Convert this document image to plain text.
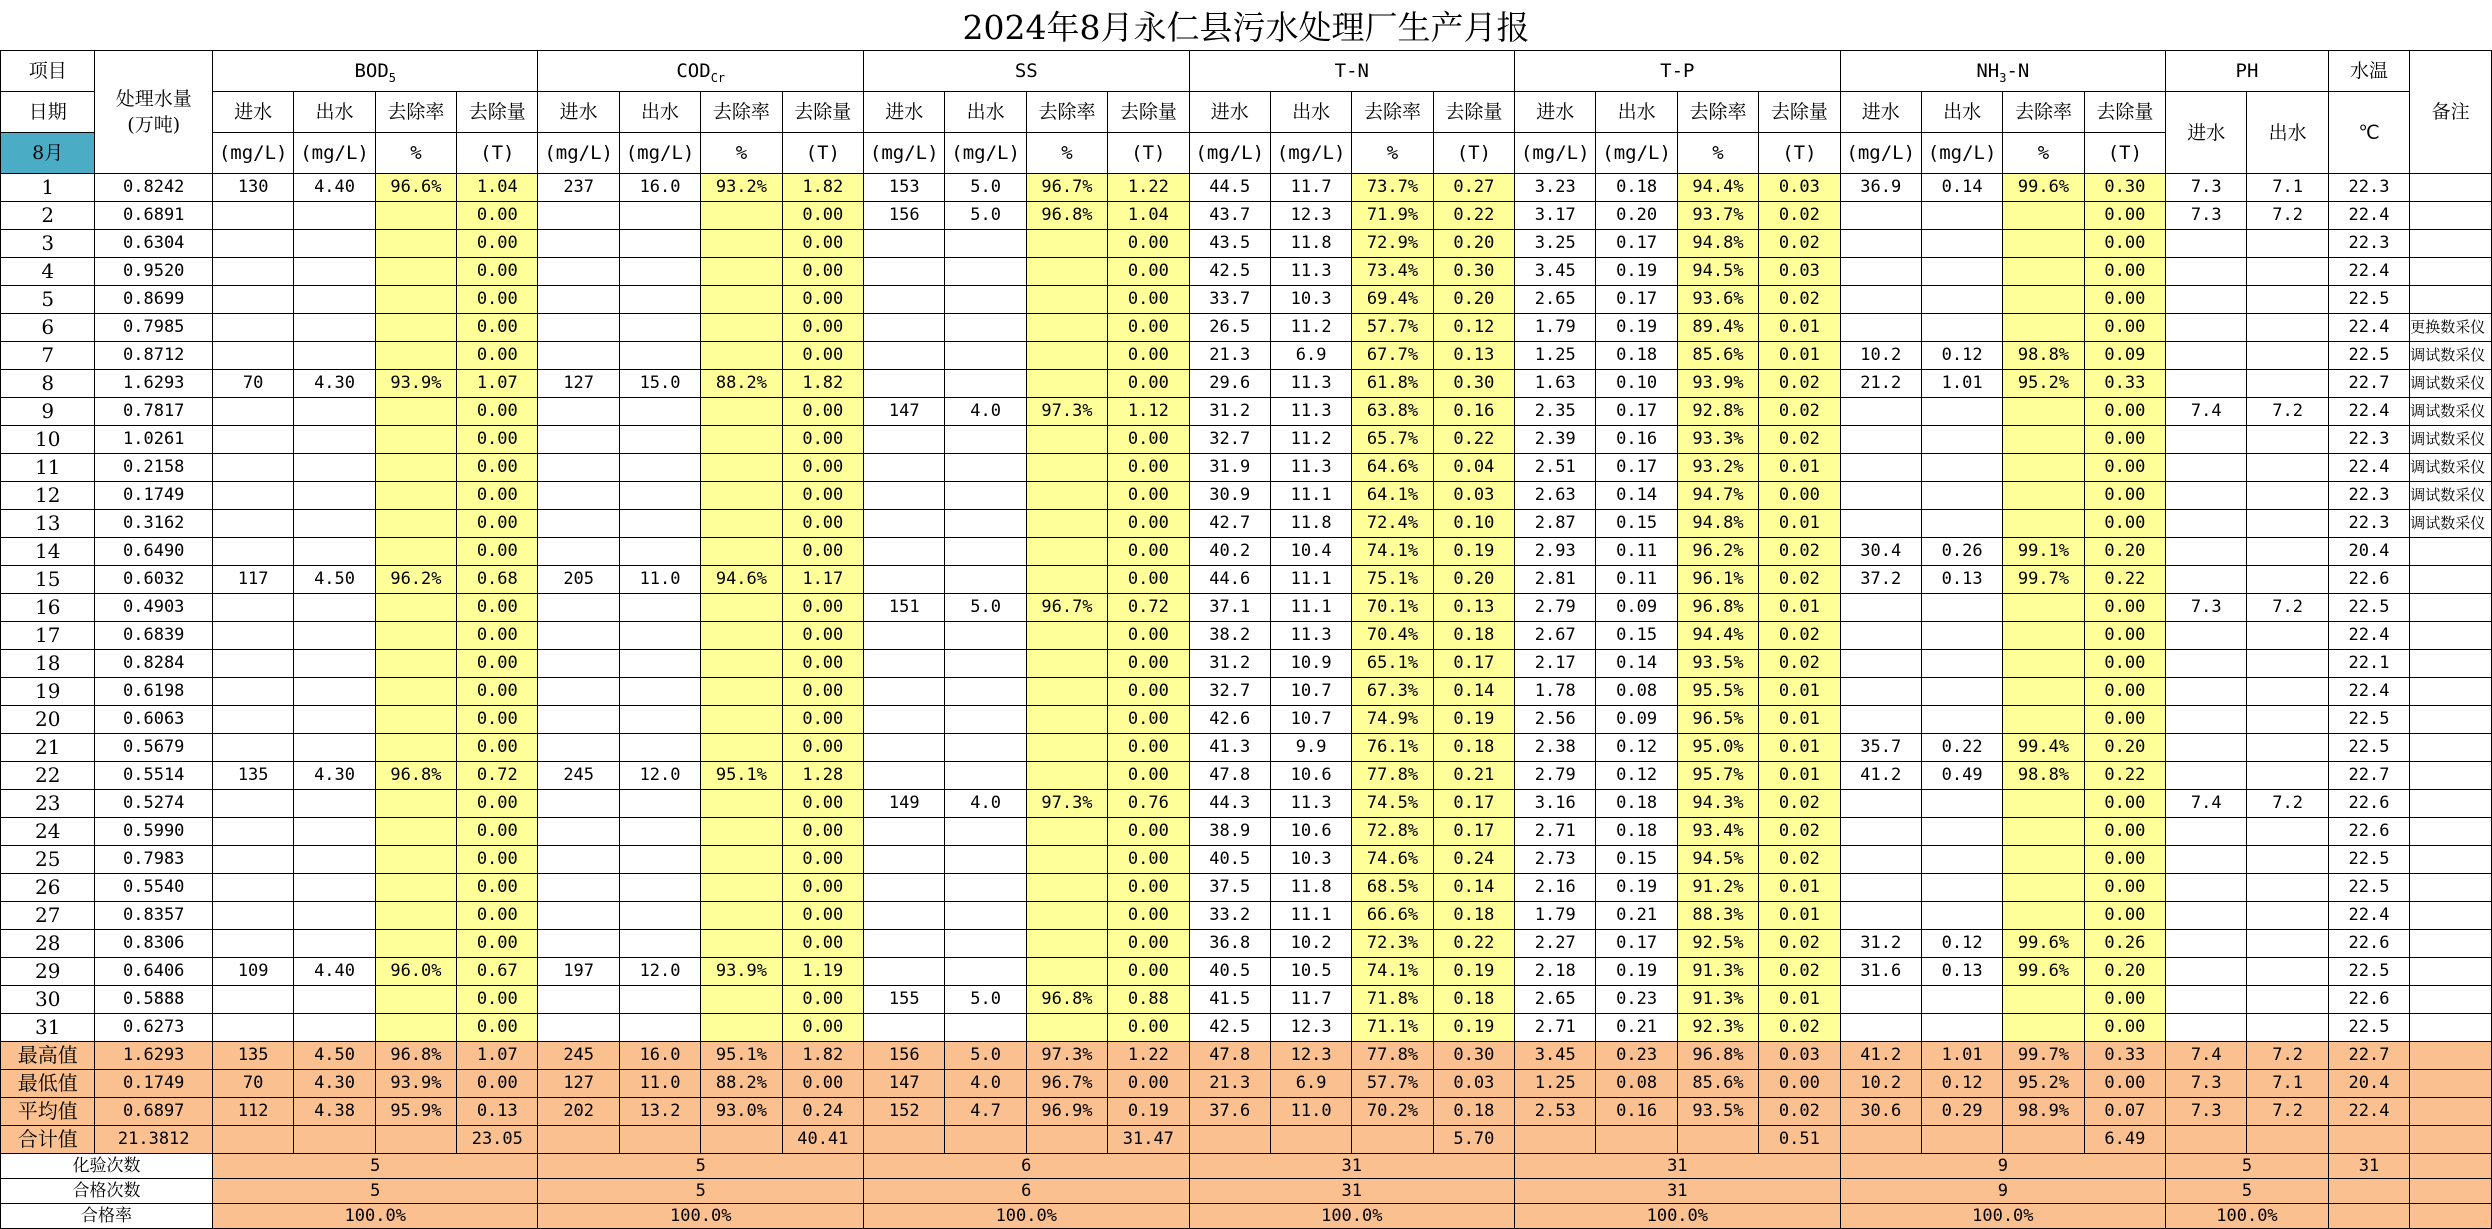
2024年8月永仁县污水处理厂生产月报
项目	处理水量
(万吨)	$BOD_5$				$COD_{Cr}$				SS				T-N				T-P				$NH_3-N$				PH		水温	备注
日期		进水	出水	去除率	去除量	进水	出水	去除率	去除量	进水	出水	去除率	去除量	进水	出水	去除率	去除量	进水	出水	去除率	去除量	进水	出水	去除率	去除量	进水	出水	℃	
8月		(mg/L)	(mg/L)	%	(T)	(mg/L)	(mg/L)	%	(T)	(mg/L)	(mg/L)	%	(T)	(mg/L)	(mg/L)	%	(T)	(mg/L)	(mg/L)	%	(T)	(mg/L)	(mg/L)	%	(T)				
1	0.8242	130	4.40	96.6%	1.04	237	16.0	93.2%	1.82	153	5.0	96.7%	1.22	44.5	11.7	73.7%	0.27	3.23	0.18	94.4%	0.03	36.9	0.14	99.6%	0.30	7.3	7.1	22.3	
2	0.6891				0.00				0.00	156	5.0	96.8%	1.04	43.7	12.3	71.9%	0.22	3.17	0.20	93.7%	0.02				0.00	7.3	7.2	22.4	
3	0.6304				0.00				0.00				0.00	43.5	11.8	72.9%	0.20	3.25	0.17	94.8%	0.02				0.00			22.3	
4	0.9520				0.00				0.00				0.00	42.5	11.3	73.4%	0.30	3.45	0.19	94.5%	0.03				0.00			22.4	
5	0.8699				0.00				0.00				0.00	33.7	10.3	69.4%	0.20	2.65	0.17	93.6%	0.02				0.00			22.5	
6	0.7985				0.00				0.00				0.00	26.5	11.2	57.7%	0.12	1.79	0.19	89.4%	0.01				0.00			22.4	更换数采仪
7	0.8712				0.00				0.00				0.00	21.3	6.9	67.7%	0.13	1.25	0.18	85.6%	0.01	10.2	0.12	98.8%	0.09			22.5	调试数采仪
8	1.6293	70	4.30	93.9%	1.07	127	15.0	88.2%	1.82				0.00	29.6	11.3	61.8%	0.30	1.63	0.10	93.9%	0.02	21.2	1.01	95.2%	0.33			22.7	调试数采仪
9	0.7817				0.00				0.00	147	4.0	97.3%	1.12	31.2	11.3	63.8%	0.16	2.35	0.17	92.8%	0.02				0.00	7.4	7.2	22.4	调试数采仪
10	1.0261				0.00				0.00				0.00	32.7	11.2	65.7%	0.22	2.39	0.16	93.3%	0.02				0.00			22.3	调试数采仪
11	0.2158				0.00				0.00				0.00	31.9	11.3	64.6%	0.04	2.51	0.17	93.2%	0.01				0.00			22.4	调试数采仪
12	0.1749				0.00				0.00				0.00	30.9	11.1	64.1%	0.03	2.63	0.14	94.7%	0.00				0.00			22.3	调试数采仪
13	0.3162				0.00				0.00				0.00	42.7	11.8	72.4%	0.10	2.87	0.15	94.8%	0.01				0.00			22.3	调试数采仪
14	0.6490				0.00				0.00				0.00	40.2	10.4	74.1%	0.19	2.93	0.11	96.2%	0.02	30.4	0.26	99.1%	0.20			20.4	
15	0.6032	117	4.50	96.2%	0.68	205	11.0	94.6%	1.17				0.00	44.6	11.1	75.1%	0.20	2.81	0.11	96.1%	0.02	37.2	0.13	99.7%	0.22			22.6	
16	0.4903				0.00				0.00	151	5.0	96.7%	0.72	37.1	11.1	70.1%	0.13	2.79	0.09	96.8%	0.01				0.00	7.3	7.2	22.5	
17	0.6839				0.00				0.00				0.00	38.2	11.3	70.4%	0.18	2.67	0.15	94.4%	0.02				0.00			22.4	
18	0.8284				0.00				0.00				0.00	31.2	10.9	65.1%	0.17	2.17	0.14	93.5%	0.02				0.00			22.1	
19	0.6198				0.00				0.00				0.00	32.7	10.7	67.3%	0.14	1.78	0.08	95.5%	0.01				0.00			22.4	
20	0.6063				0.00				0.00				0.00	42.6	10.7	74.9%	0.19	2.56	0.09	96.5%	0.01				0.00			22.5	
21	0.5679				0.00				0.00				0.00	41.3	9.9	76.1%	0.18	2.38	0.12	95.0%	0.01	35.7	0.22	99.4%	0.20			22.5	
22	0.5514	135	4.30	96.8%	0.72	245	12.0	95.1%	1.28				0.00	47.8	10.6	77.8%	0.21	2.79	0.12	95.7%	0.01	41.2	0.49	98.8%	0.22			22.7	
23	0.5274				0.00				0.00	149	4.0	97.3%	0.76	44.3	11.3	74.5%	0.17	3.16	0.18	94.3%	0.02				0.00	7.4	7.2	22.6	
24	0.5990				0.00				0.00				0.00	38.9	10.6	72.8%	0.17	2.71	0.18	93.4%	0.02				0.00			22.6	
25	0.7983				0.00				0.00				0.00	40.5	10.3	74.6%	0.24	2.73	0.15	94.5%	0.02				0.00			22.5	
26	0.5540				0.00				0.00				0.00	37.5	11.8	68.5%	0.14	2.16	0.19	91.2%	0.01				0.00			22.5	
27	0.8357				0.00				0.00				0.00	33.2	11.1	66.6%	0.18	1.79	0.21	88.3%	0.01				0.00			22.4	
28	0.8306				0.00				0.00				0.00	36.8	10.2	72.3%	0.22	2.27	0.17	92.5%	0.02	31.2	0.12	99.6%	0.26			22.6	
29	0.6406	109	4.40	96.0%	0.67	197	12.0	93.9%	1.19				0.00	40.5	10.5	74.1%	0.19	2.18	0.19	91.3%	0.02	31.6	0.13	99.6%	0.20			22.5	
30	0.5888				0.00				0.00	155	5.0	96.8%	0.88	41.5	11.7	71.8%	0.18	2.65	0.23	91.3%	0.01				0.00			22.6	
31	0.6273				0.00				0.00				0.00	42.5	12.3	71.1%	0.19	2.71	0.21	92.3%	0.02				0.00			22.5	
最高值	1.6293	135	4.50	96.8%	1.07	245	16.0	95.1%	1.82	156	5.0	97.3%	1.22	47.8	12.3	77.8%	0.30	3.45	0.23	96.8%	0.03	41.2	1.01	99.7%	0.33	7.4	7.2	22.7	
最低值	0.1749	70	4.30	93.9%	0.00	127	11.0	88.2%	0.00	147	4.0	96.7%	0.00	21.3	6.9	57.7%	0.03	1.25	0.08	85.6%	0.00	10.2	0.12	95.2%	0.00	7.3	7.1	20.4	
平均值	0.6897	112	4.38	95.9%	0.13	202	13.2	93.0%	0.24	152	4.7	96.9%	0.19	37.6	11.0	70.2%	0.18	2.53	0.16	93.5%	0.02	30.6	0.29	98.9%	0.07	7.3	7.2	22.4	
合计值	21.3812				23.05				40.41				31.47				5.70				0.51				6.49				
化验次数		5				5				6				31				31				9				5		31	
合格次数		5				5				6				31				31				9				5			
合格率		100.0%				100.0%				100.0%				100.0%				100.0%				100.0%				100.0%			
